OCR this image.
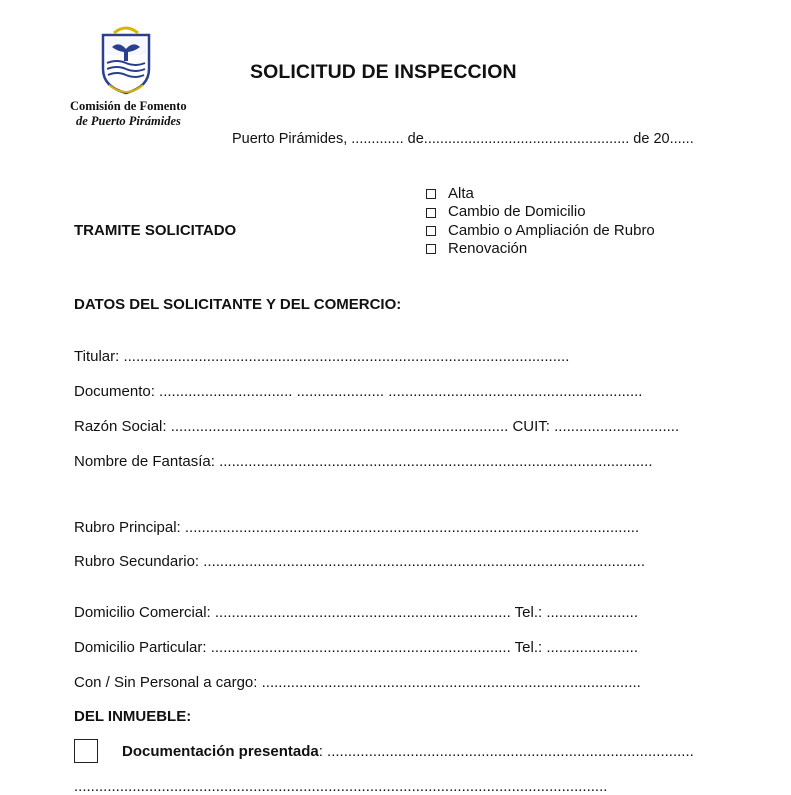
Comisión de Fomento
de Puerto Pirámides
SOLICITUD DE INSPECCION
Puerto Pirámides, ............. de................................................... de 20......
TRAMITE SOLICITADO
Alta
Cambio de Domicilio
Cambio o Ampliación de Rubro
Renovación
DATOS DEL SOLICITANTE Y DEL COMERCIO:
Titular: ...........................................................................................................
Documento: ................................ ..................... .............................................................
Razón Social: ................................................................................. CUIT: ..............................
Nombre de Fantasía: ........................................................................................................
Rubro Principal: .............................................................................................................
Rubro Secundario: ..........................................................................................................
Domicilio Comercial: ....................................................................... Tel.: ......................
Domicilio Particular: ........................................................................ Tel.: ......................
Con / Sin Personal a cargo: ...........................................................................................
DEL INMUEBLE:
Documentación presentada: ........................................................................................
................................................................................................................................
